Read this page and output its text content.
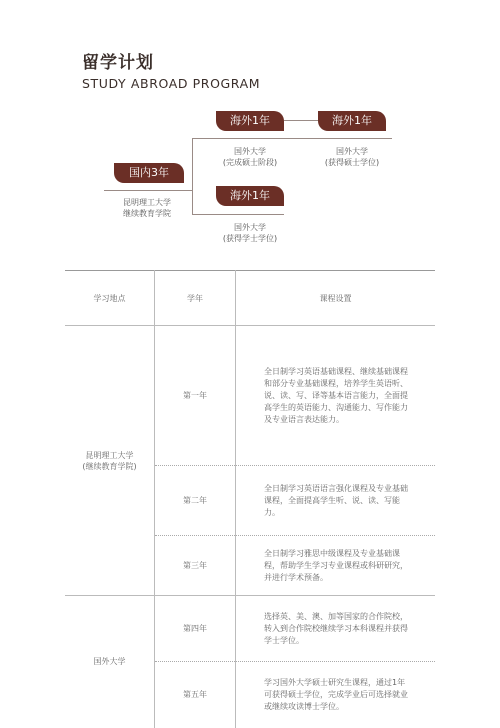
留学计划
STUDY ABROAD PROGRAM
国内3年
昆明理工大学
继续教育学院
海外1年
国外大学
(完成硕士阶段)
海外1年
国外大学
(获得硕士学位)
海外1年
国外大学
(获得学士学位)
学习地点	学年	课程设置

昆明理工大学
(继续教育学院)	第一年	全日制学习英语基础课程、继续基础课程和部分专业基础课程，培养学生英语听、说、读、写、译等基本语言能力，全面提高学生的英语能力、沟通能力、写作能力及专业语言表达能力。
	第二年	全日制学习英语语言强化课程及专业基础课程，全面提高学生听、说、读、写能力。
	第三年	全日制学习雅思中级课程及专业基础课程，帮助学生学习专业课程或科研研究，并进行学术预备。

国外大学	第四年	选择英、美、澳、加等国家的合作院校，转入到合作院校继续学习本科课程并获得学士学位。
	第五年	学习国外大学硕士研究生课程，通过1年可获得硕士学位，完成学业后可选择就业或继续攻读博士学位。
